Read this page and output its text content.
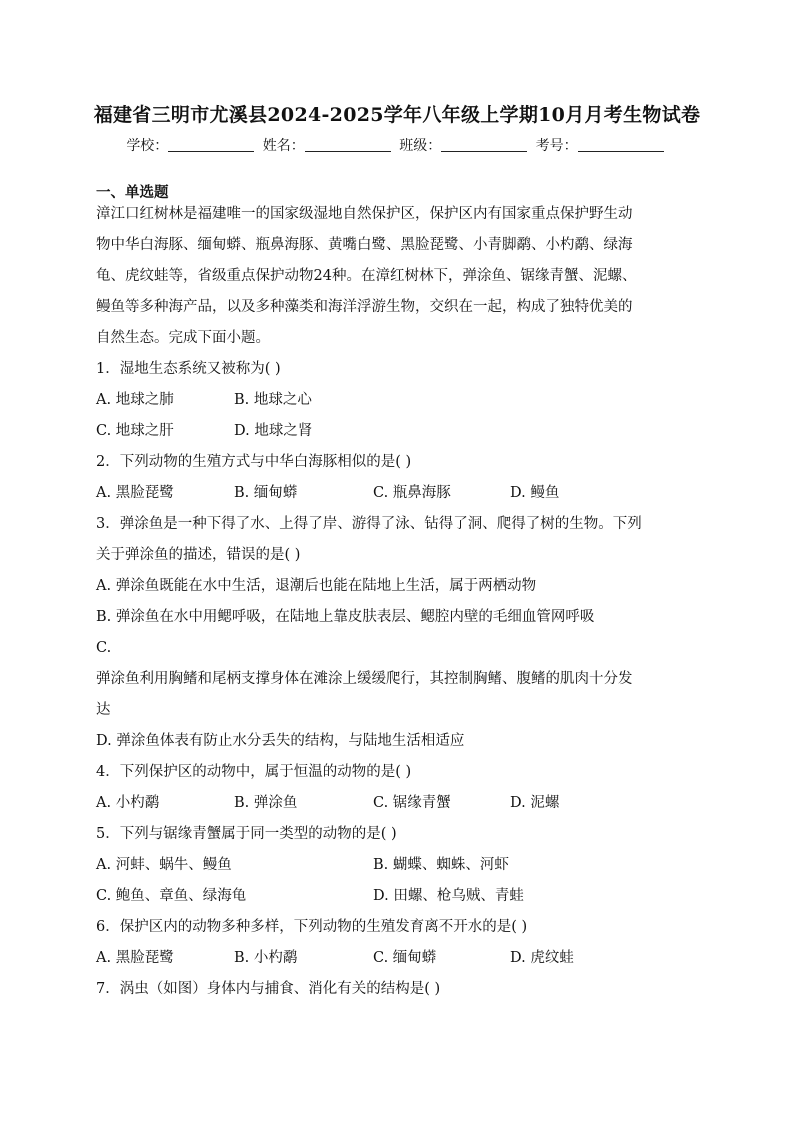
福建省三明市尤溪县2024-2025学年八年级上学期10月月考生物试卷
学校：	姓名：	班级：	考号：
一、单选题
漳江口红树林是福建唯一的国家级湿地自然保护区，保护区内有国家重点保护野生动
物中华白海豚、缅甸蟒、瓶鼻海豚、黄嘴白鹭、黑脸琵鹭、小青脚鹬、小杓鹬、绿海
龟、虎纹蛙等，省级重点保护动物24种。在漳红树林下，弹涂鱼、锯缘青蟹、泥螺、
鳗鱼等多种海产品，以及多种藻类和海洋浮游生物，交织在一起，构成了独特优美的
自然生态。完成下面小题。
1．湿地生态系统又被称为( )
A. 地球之肺	B. 地球之心
C. 地球之肝	D. 地球之肾
2．下列动物的生殖方式与中华白海豚相似的是( )
A. 黑脸琵鹭	B. 缅甸蟒	C. 瓶鼻海豚	D. 鳗鱼
3．弹涂鱼是一种下得了水、上得了岸、游得了泳、钻得了洞、爬得了树的生物。下列
关于弹涂鱼的描述，错误的是( )
A. 弹涂鱼既能在水中生活，退潮后也能在陆地上生活，属于两栖动物
B. 弹涂鱼在水中用鳃呼吸，在陆地上靠皮肤表层、鳃腔内壁的毛细血管网呼吸
C.
弹涂鱼利用胸鳍和尾柄支撑身体在滩涂上缓缓爬行，其控制胸鳍、腹鳍的肌肉十分发
达
D. 弹涂鱼体表有防止水分丢失的结构，与陆地生活相适应
4．下列保护区的动物中，属于恒温的动物的是( )
A. 小杓鹬	B. 弹涂鱼	C. 锯缘青蟹	D. 泥螺
5．下列与锯缘青蟹属于同一类型的动物的是( )
A. 河蚌、蜗牛、鳗鱼	B. 蝴蝶、蜘蛛、河虾
C. 鲍鱼、章鱼、绿海龟	D. 田螺、枪乌贼、青蛙
6．保护区内的动物多种多样，下列动物的生殖发育离不开水的是( )
A. 黑脸琵鹭	B. 小杓鹬	C. 缅甸蟒	D. 虎纹蛙
7．涡虫（如图）身体内与捕食、消化有关的结构是( )
